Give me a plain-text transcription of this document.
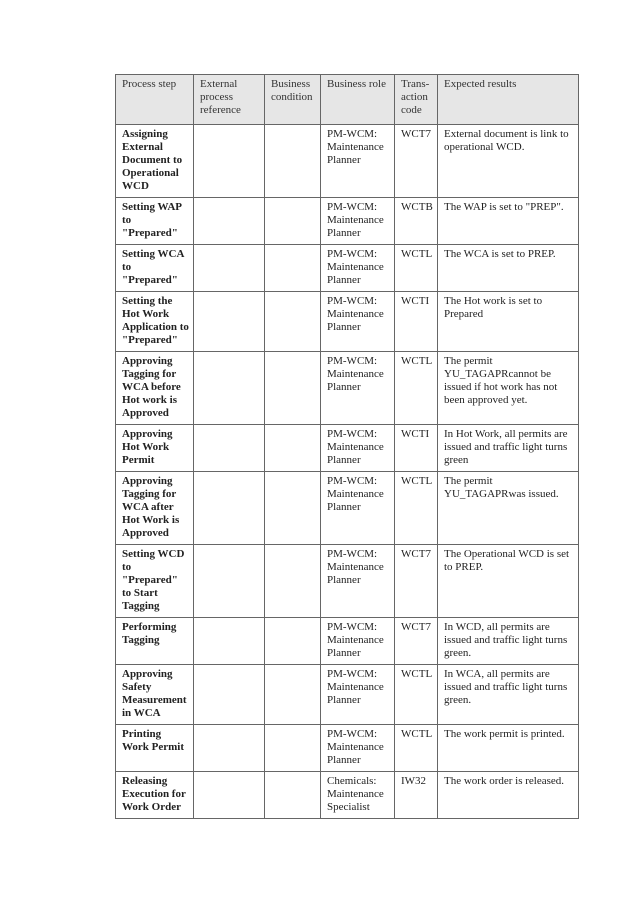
Process step	External process reference	Business condition	Business role	Trans-action code	Expected results
Assigning External Document to Operational WCD			PM-WCM: Maintenance Planner	WCT7	External document is link to operational WCD.
Setting WAP to "Prepared"			PM-WCM: Maintenance Planner	WCTB	The WAP is set to "PREP".
Setting WCA to "Prepared"			PM-WCM: Maintenance Planner	WCTL	The WCA is set to PREP.
Setting the Hot Work Application to "Prepared"			PM-WCM: Maintenance Planner	WCTI	The Hot work is set to Prepared
Approving Tagging for WCA before Hot work is Approved			PM-WCM: Maintenance Planner	WCTL	The permit YU_TAGAPRcannot be issued if hot work has not been approved yet.
Approving Hot Work Permit			PM-WCM: Maintenance Planner	WCTI	In Hot Work, all permits are issued and traffic light turns green
Approving Tagging for WCA after Hot Work is Approved			PM-WCM: Maintenance Planner	WCTL	The permit YU_TAGAPRwas issued.
Setting WCD to "Prepared" to Start Tagging			PM-WCM: Maintenance Planner	WCT7	The Operational WCD is set to PREP.
Performing Tagging			PM-WCM: Maintenance Planner	WCT7	In WCD, all permits are issued and traffic light turns green.
Approving Safety Measurement in WCA			PM-WCM: Maintenance Planner	WCTL	In WCA, all permits are issued and traffic light turns green.
Printing Work Permit			PM-WCM: Maintenance Planner	WCTL	The work permit is printed.
Releasing Execution for Work Order			Chemicals: Maintenance Specialist	IW32	The work order is released.
